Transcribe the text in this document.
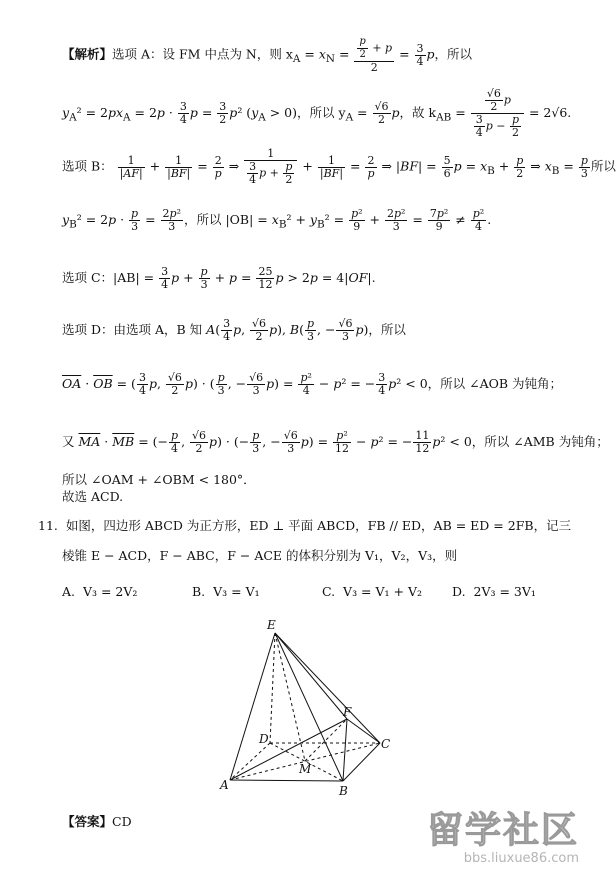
【解析】选项 A：设 FM 中点为 N，则 $x_A = x_N = \frac{\frac{p}{2} + p}{2} = \frac{3}{4}$ p，所以
$y_A^2 = 2px_A = 2p \cdot \frac{3}{4}$ $p = \frac{3}{2} p^2$ $(y_A > 0)$，所以 $y_A = \frac{√6}{2}$ p，故 $k_{AB} = \frac{\frac{√6}{2} p}{\frac{3}{4} p - \frac{p}{2}} = 2√6$.
选项 B： $\frac{1}{|AF|} + \frac{1}{|BF|} = \frac{2}{p}$ ⇒ $\frac{1}{\frac{3}{4} p + \frac{p}{2}} + \frac{1}{|BF|} = \frac{2}{p}$ ⇒ $|BF| = \frac{5}{6}$ $p = x_B + \frac{p}{2}$ ⇒ $x_B = \frac{p}{3}$ 所以
$y_B^2 = 2p \cdot \frac{p}{3} = \frac{\text{2p²}}{3}$ ，所以 $|OB| = x_B^2 + y_B^2 = \frac{\text{p²}}{9} + \frac{\text{2p²}}{3} = \frac{\text{7p²}}{9} \ne \frac{\text{p²}}{4}$ .
选项 C：$|AB| = \frac{3}{4}$ $p + \frac{p}{3} + p = \frac{25}{12}$ p > 2p = 4|OF|.
选项 D：由选项 A，B 知 $A( \frac{3}{4} p$, $\frac{√6}{2} p$), $B( \frac{p}{3}$ , − $\frac{√6}{3} p$)，所以
$\overline{OA} \cdot \overline{OB}$ = ( $\frac{3}{4} p$, $\frac{√6}{2} p$) · ( $\frac{p}{3}$ , − $\frac{√6}{3} p) = \frac{\text{p²}}{4} - p^2$ = − $\frac{3}{4} p^2 < 0$，所以 ∠AOB 为钝角；
又 $\overline{MA} \cdot \overline{MB}$ = (− $\frac{p}{4}$ , $\frac{√6}{2} p$) · (− $\frac{p}{3}$ , − $\frac{√6}{3} p) = \frac{\text{p²}}{12} - p^2$ = − $\frac{11}{12} p^2 < 0$，所以 ∠AMB 为钝角；
所以 ∠OAM + ∠OBM < 180°．
故选 ACD.
11. 如图，四边形 ABCD 为正方形，ED ⊥ 平面 ABCD，FB // ED，AB = ED = 2FB，记三
棱锥 E − ACD，F − ABC，F − ACE 的体积分别为 V₁，V₂，V₃，则
A. V₃ = 2V₂	B. V₃ = V₁	C. V₃ = V₁ + V₂ D. 2V₃ = 3V₁
E
F
D	C
M
A	B
【答案】CD	留学社区
bbs.liuxue86.com
